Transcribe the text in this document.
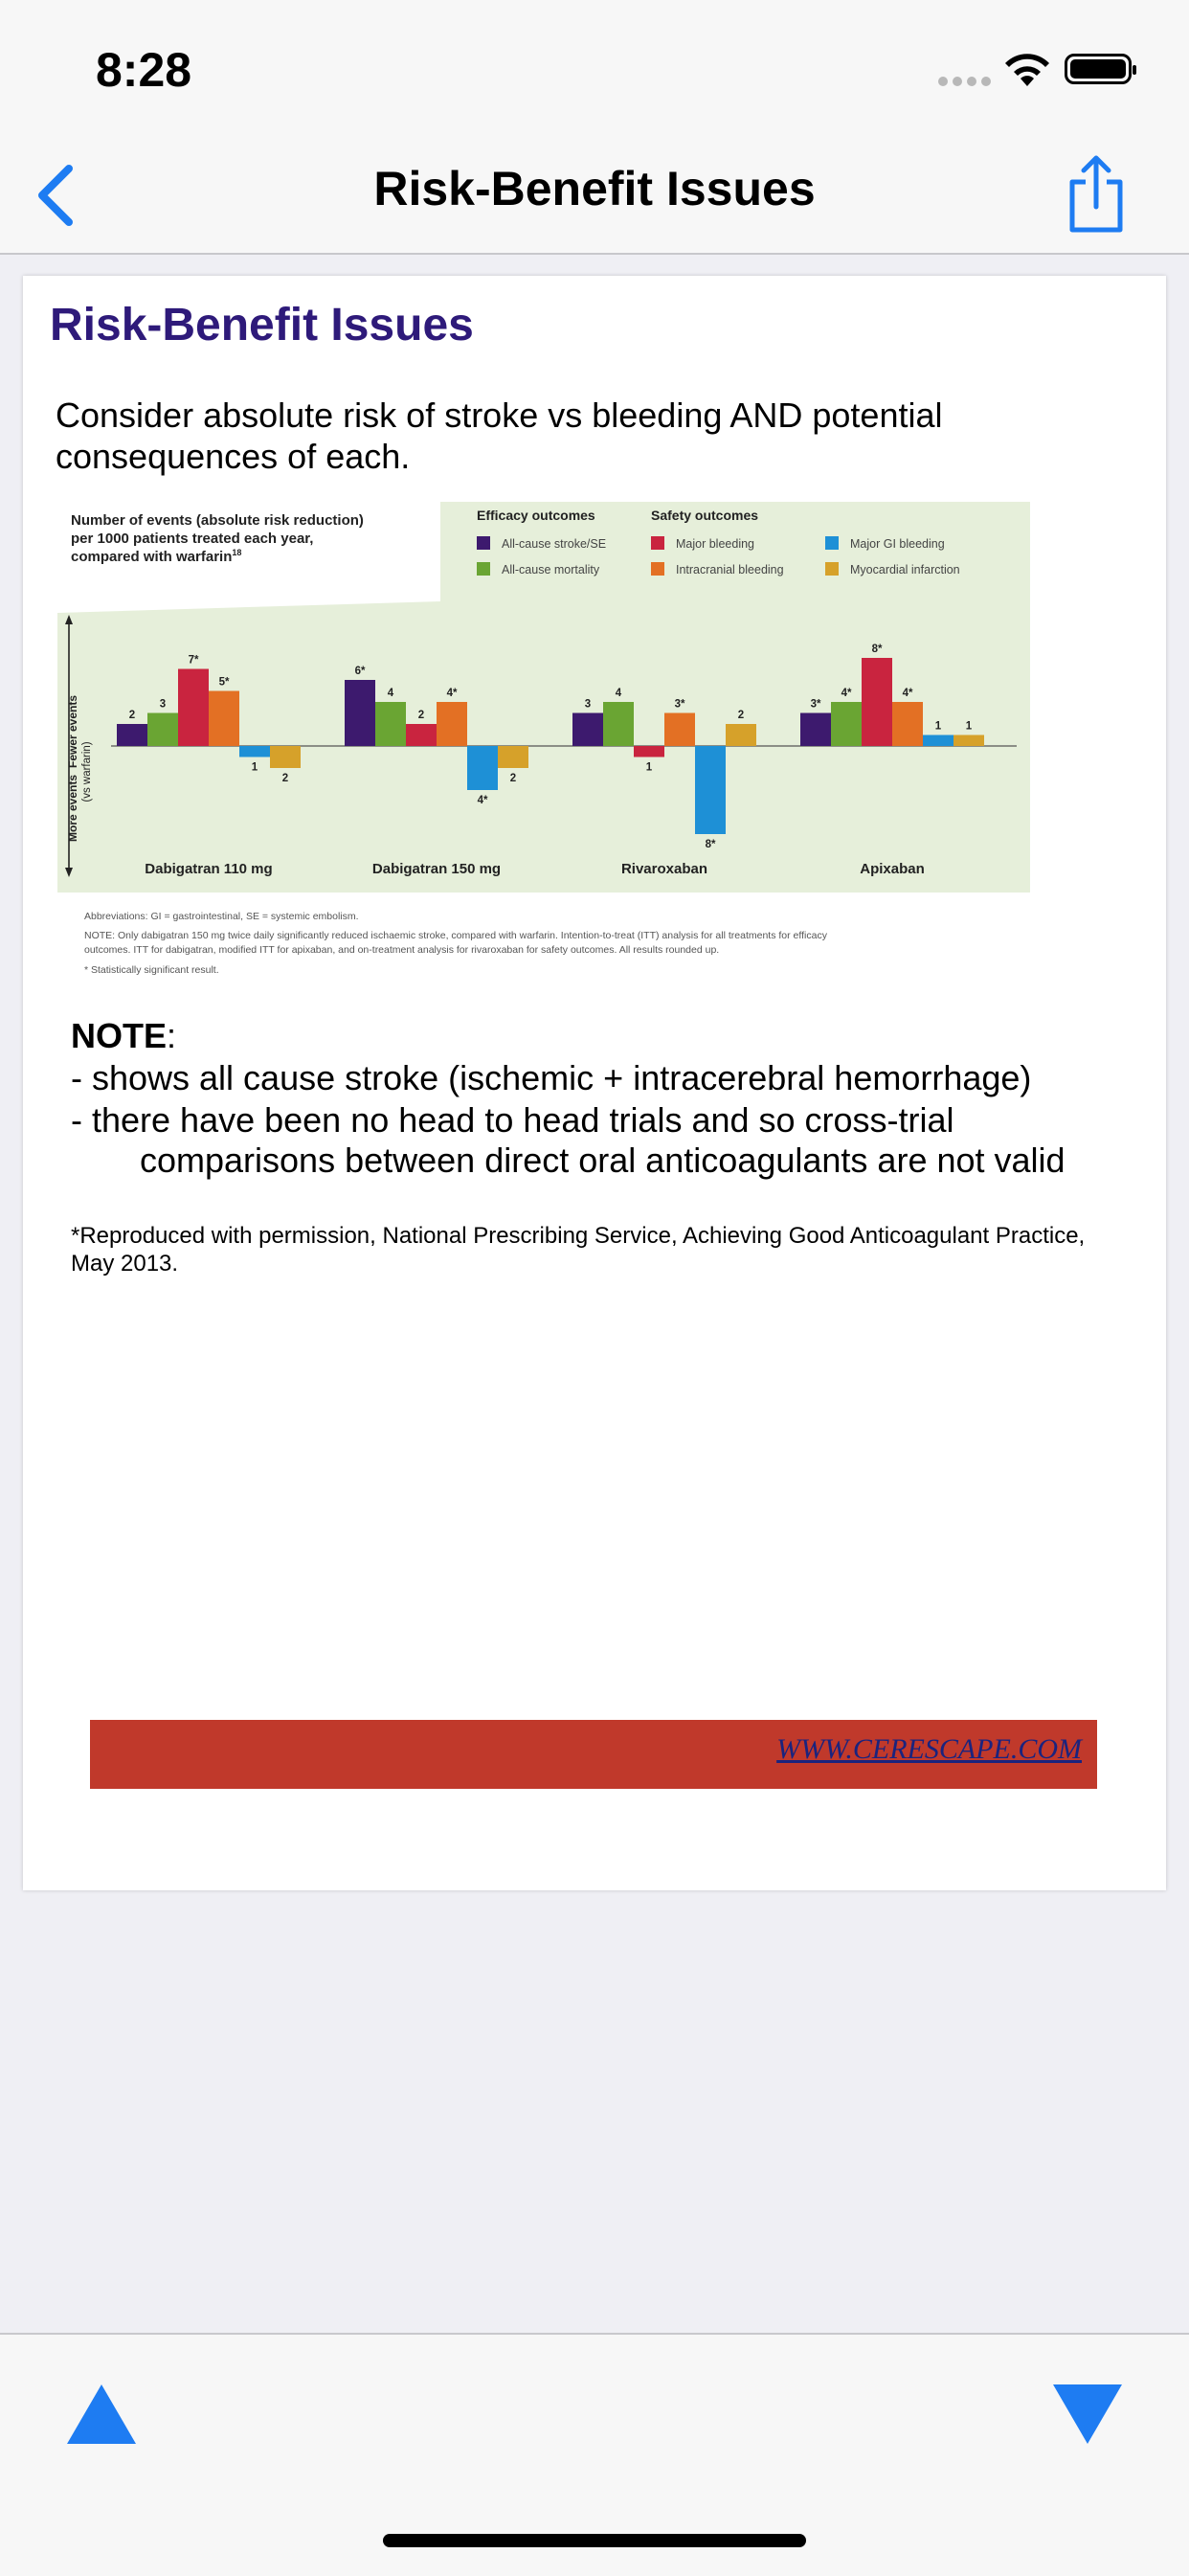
8:28
Risk-Benefit Issues
Risk-Benefit Issues
Consider absolute risk of stroke vs bleeding AND potential consequences of each.
Number of events (absolute risk reduction)
per 1000 patients treated each year,
compared with warfarin$^{18}$
Efficacy outcomes
All-cause stroke/SE
All-cause mortality
Safety outcomes
Major bleeding
Intracranial bleeding
Major GI bleeding
Myocardial infarction
Fewer events
More events
(vs warfarin)
2
3
7*
5*
1
2
Dabigatran 110 mg
6*
4
2
4*
4*
2
Dabigatran 150 mg
3
4
1
3*
8*
2
Rivaroxaban
3*
4*
8*
4*
1 1
Apixaban
Abbreviations: GI = gastrointestinal, SE = systemic embolism.
NOTE: Only dabigatran 150 mg twice daily significantly reduced ischaemic stroke, compared with warfarin. Intention-to-treat (ITT) analysis for all treatments for efficacy
outcomes. ITT for dabigatran, modified ITT for apixaban, and on-treatment analysis for rivaroxaban for safety outcomes. All results rounded up.
* Statistically significant result.
NOTE:
- shows all cause stroke (ischemic + intracerebral hemorrhage)
- there have been no head to head trials and so cross-trial
comparisons between direct oral anticoagulants are not valid
*Reproduced with permission, National Prescribing Service, Achieving Good Anticoagulant Practice, May 2013.
WWW.CERESCAPE.COM
